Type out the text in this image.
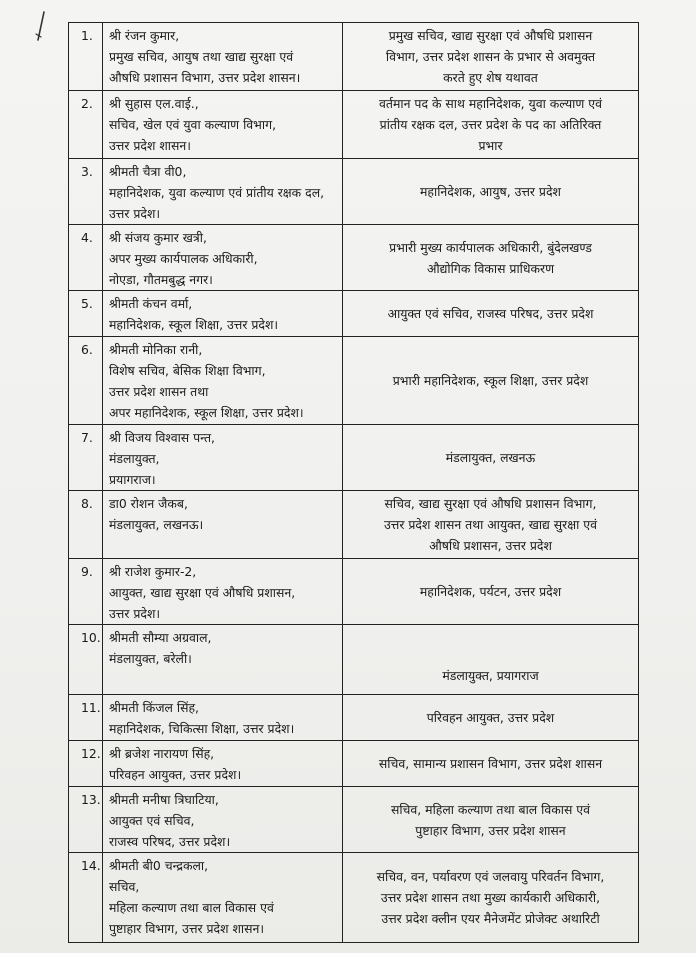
1.	श्री रंजन कुमार,
प्रमुख सचिव, आयुष तथा खाद्य सुरक्षा एवं
औषधि प्रशासन विभाग, उत्तर प्रदेश शासन।	प्रमुख सचिव, खाद्य सुरक्षा एवं औषधि प्रशासन
विभाग, उत्तर प्रदेश शासन के प्रभार से अवमुक्त
करते हुए शेष यथावत
2.	श्री सुहास एल.वाई.,
सचिव, खेल एवं युवा कल्याण विभाग,
उत्तर प्रदेश शासन।	वर्तमान पद के साथ महानिदेशक, युवा कल्याण एवं
प्रांतीय रक्षक दल, उत्तर प्रदेश के पद का अतिरिक्त
प्रभार
3.	श्रीमती चैत्रा वी0,
महानिदेशक, युवा कल्याण एवं प्रांतीय रक्षक दल,
उत्तर प्रदेश।	महानिदेशक, आयुष, उत्तर प्रदेश
4.	श्री संजय कुमार खत्री,
अपर मुख्य कार्यपालक अधिकारी,
नोएडा, गौतमबुद्ध नगर।	प्रभारी मुख्य कार्यपालक अधिकारी, बुंदेलखण्ड
औद्योगिक विकास प्राधिकरण
5.	श्रीमती कंचन वर्मा,
महानिदेशक, स्कूल शिक्षा, उत्तर प्रदेश।	आयुक्त एवं सचिव, राजस्व परिषद, उत्तर प्रदेश
6.	श्रीमती मोनिका रानी,
विशेष सचिव, बेसिक शिक्षा विभाग,
उत्तर प्रदेश शासन तथा
अपर महानिदेशक, स्कूल शिक्षा, उत्तर प्रदेश।	प्रभारी महानिदेशक, स्कूल शिक्षा, उत्तर प्रदेश
7.	श्री विजय विश्वास पन्त,
मंडलायुक्त,
प्रयागराज।	मंडलायुक्त, लखनऊ
8.	डा0 रोशन जैकब,
मंडलायुक्त, लखनऊ।	सचिव, खाद्य सुरक्षा एवं औषधि प्रशासन विभाग,
उत्तर प्रदेश शासन तथा आयुक्त, खाद्य सुरक्षा एवं
औषधि प्रशासन, उत्तर प्रदेश
9.	श्री राजेश कुमार-2,
आयुक्त, खाद्य सुरक्षा एवं औषधि प्रशासन,
उत्तर प्रदेश।	महानिदेशक, पर्यटन, उत्तर प्रदेश
10.	श्रीमती सौम्या अग्रवाल,
मंडलायुक्त, बरेली।	मंडलायुक्त, प्रयागराज
11.	श्रीमती किंजल सिंह,
महानिदेशक, चिकित्सा शिक्षा, उत्तर प्रदेश।	परिवहन आयुक्त, उत्तर प्रदेश
12.	श्री ब्रजेश नारायण सिंह,
परिवहन आयुक्त, उत्तर प्रदेश।	सचिव, सामान्य प्रशासन विभाग, उत्तर प्रदेश शासन
13.	श्रीमती मनीषा त्रिघाटिया,
आयुक्त एवं सचिव,
राजस्व परिषद, उत्तर प्रदेश।	सचिव, महिला कल्याण तथा बाल विकास एवं
पुष्टाहार विभाग, उत्तर प्रदेश शासन
14.	श्रीमती बी0 चन्द्रकला,
सचिव,
महिला कल्याण तथा बाल विकास एवं
पुष्टाहार विभाग, उत्तर प्रदेश शासन।	सचिव, वन, पर्यावरण एवं जलवायु परिवर्तन विभाग,
उत्तर प्रदेश शासन तथा मुख्य कार्यकारी अधिकारी,
उत्तर प्रदेश क्लीन एयर मैनेजमेंट प्रोजेक्ट अथारिटी
